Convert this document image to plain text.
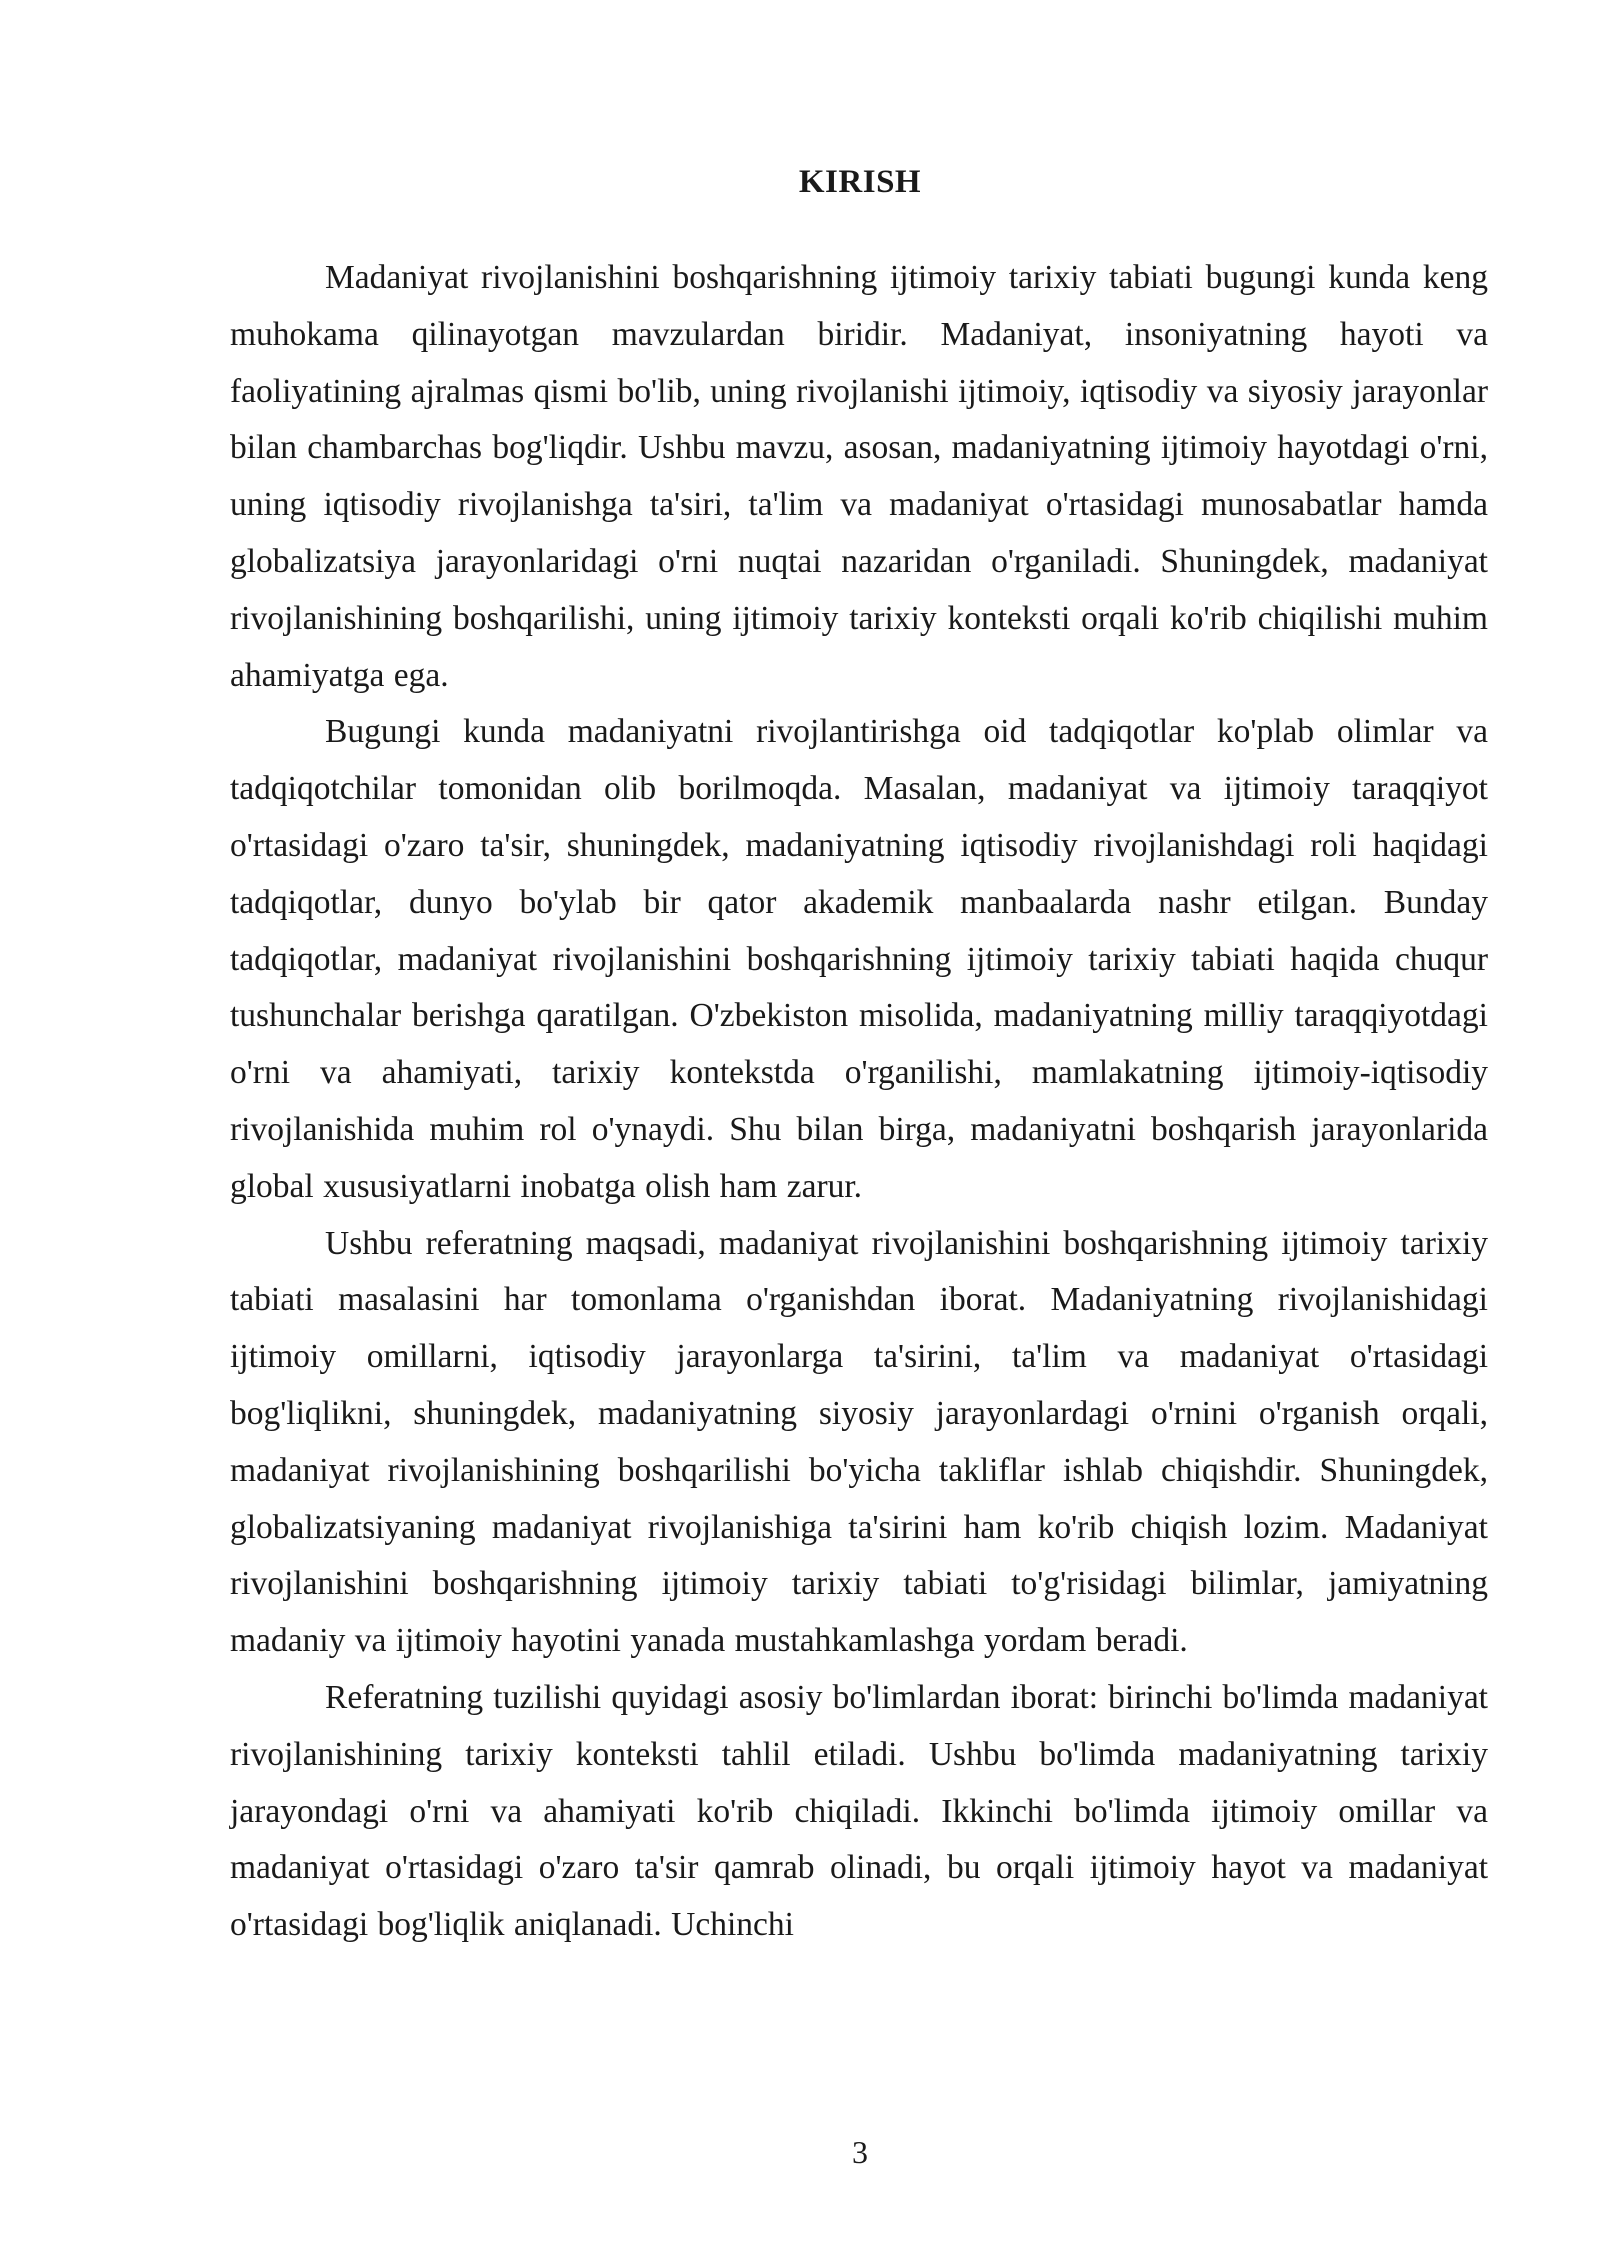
KIRISH

Madaniyat rivojlanishini boshqarishning ijtimoiy tarixiy tabiati bugungi kunda keng muhokama qilinayotgan mavzulardan biridir. Madaniyat, insoniyatning hayoti va faoliyatining ajralmas qismi bo'lib, uning rivojlanishi ijtimoiy, iqtisodiy va siyosiy jarayonlar bilan chambarchas bog'liqdir. Ushbu mavzu, asosan, madaniyatning ijtimoiy hayotdagi o'rni, uning iqtisodiy rivojlanishga ta'siri, ta'lim va madaniyat o'rtasidagi munosabatlar hamda globalizatsiya jarayonlaridagi o'rni nuqtai nazaridan o'rganiladi. Shuningdek, madaniyat rivojlanishining boshqarilishi, uning ijtimoiy tarixiy konteksti orqali ko'rib chiqilishi muhim ahamiyatga ega.

Bugungi kunda madaniyatni rivojlantirishga oid tadqiqotlar ko'plab olimlar va tadqiqotchilar tomonidan olib borilmoqda. Masalan, madaniyat va ijtimoiy taraqqiyot o'rtasidagi o'zaro ta'sir, shuningdek, madaniyatning iqtisodiy rivojlanishdagi roli haqidagi tadqiqotlar, dunyo bo'ylab bir qator akademik manbaalarda nashr etilgan. Bunday tadqiqotlar, madaniyat rivojlanishini boshqarishning ijtimoiy tarixiy tabiati haqida chuqur tushunchalar berishga qaratilgan. O'zbekiston misolida, madaniyatning milliy taraqqiyotdagi o'rni va ahamiyati, tarixiy kontekstda o'rganilishi, mamlakatning ijtimoiy-iqtisodiy rivojlanishida muhim rol o'ynaydi. Shu bilan birga, madaniyatni boshqarish jarayonlarida global xususiyatlarni inobatga olish ham zarur.

Ushbu referatning maqsadi, madaniyat rivojlanishini boshqarishning ijtimoiy tarixiy tabiati masalasini har tomonlama o'rganishdan iborat. Madaniyatning rivojlanishidagi ijtimoiy omillarni, iqtisodiy jarayonlarga ta'sirini, ta'lim va madaniyat o'rtasidagi bog'liqlikni, shuningdek, madaniyatning siyosiy jarayonlardagi o'rnini o'rganish orqali, madaniyat rivojlanishining boshqarilishi bo'yicha takliflar ishlab chiqishdir. Shuningdek, globalizatsiyaning madaniyat rivojlanishiga ta'sirini ham ko'rib chiqish lozim. Madaniyat rivojlanishini boshqarishning ijtimoiy tarixiy tabiati to'g'risidagi bilimlar, jamiyatning madaniy va ijtimoiy hayotini yanada mustahkamlashga yordam beradi.

Referatning tuzilishi quyidagi asosiy bo'limlardan iborat: birinchi bo'limda madaniyat rivojlanishining tarixiy konteksti tahlil etiladi. Ushbu bo'limda madaniyatning tarixiy jarayondagi o'rni va ahamiyati ko'rib chiqiladi. Ikkinchi bo'limda ijtimoiy omillar va madaniyat o'rtasidagi o'zaro ta'sir qamrab olinadi, bu orqali ijtimoiy hayot va madaniyat o'rtasidagi bog'liqlik aniqlanadi. Uchinchi

3
